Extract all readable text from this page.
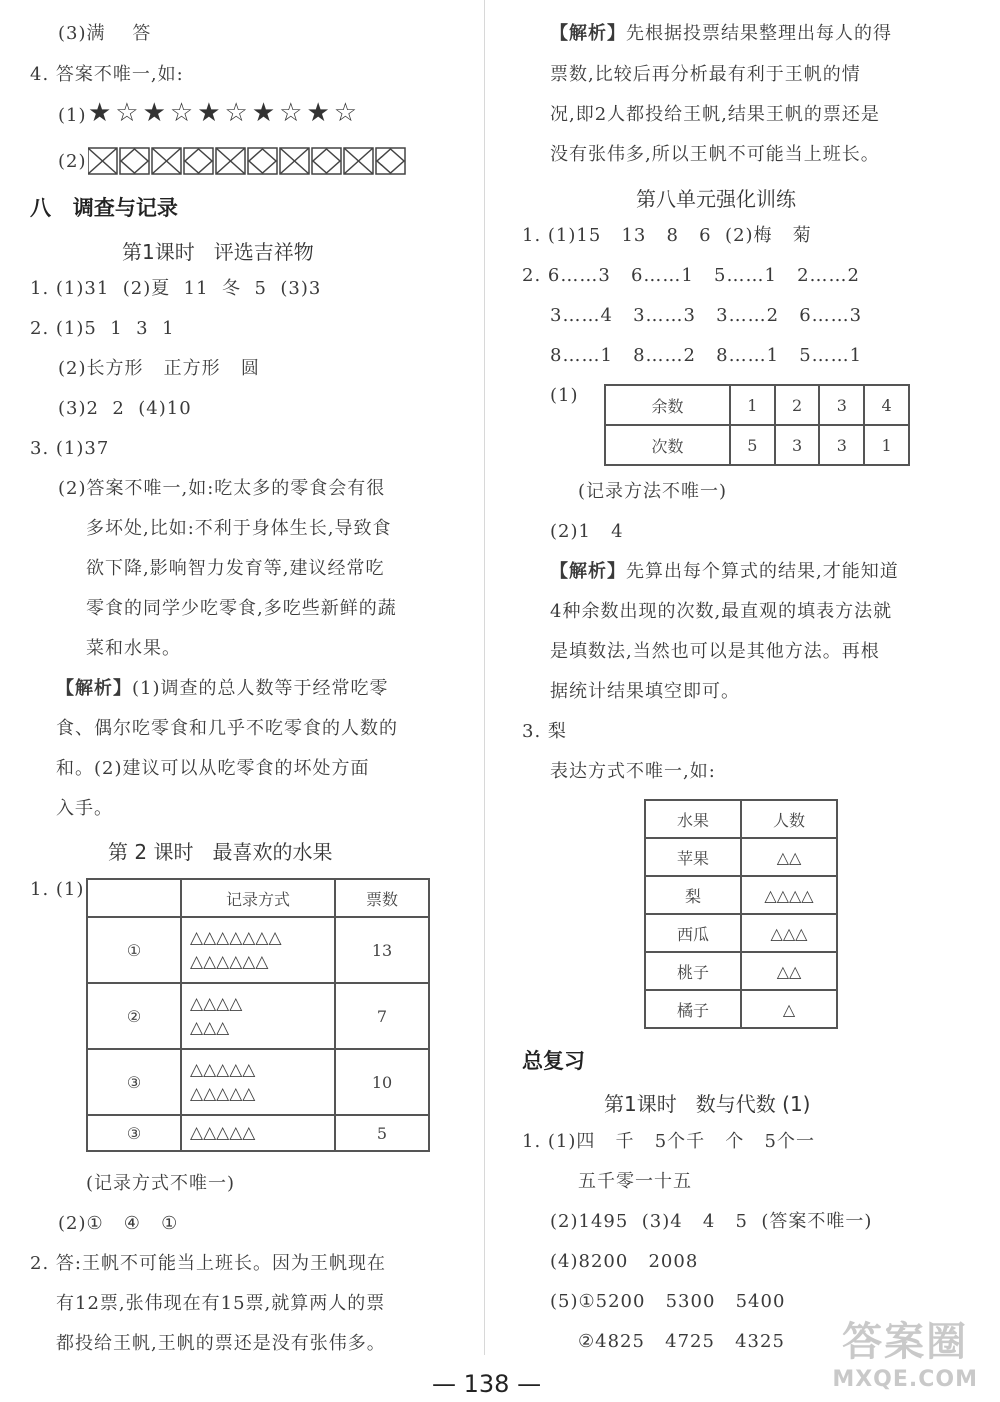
(3)满    答
4. 答案不唯一,如:
(1) ★☆★☆★☆★☆★☆
(2)
八   调查与记录
第1课时   评选吉祥物
1. (1)31  (2)夏  11  冬  5  (3)3
2. (1)5  1  3  1
(2)长方形   正方形   圆
(3)2  2  (4)10
3. (1)37
(2)答案不唯一,如:吃太多的零食会有很
多坏处,比如:不利于身体生长,导致食
欲下降,影响智力发育等,建议经常吃
零食的同学少吃零食,多吃些新鲜的蔬
菜和水果。
【解析】(1)调查的总人数等于经常吃零
食、偶尔吃零食和几乎不吃零食的人数的
和。(2)建议可以从吃零食的坏处方面
入手。
第 2 课时   最喜欢的水果
1. (1)
		记录方式	票数
①	△△△△△△△
△△△△△△	13
②	△△△△
△△△	7
③	△△△△△
△△△△△	10
③	△△△△△	5
(记录方式不唯一)
(2)①   ④   ①
2. 答:王帆不可能当上班长。因为王帆现在
有12票,张伟现在有15票,就算两人的票
都投给王帆,王帆的票还是没有张伟多。
【解析】先根据投票结果整理出每人的得
票数,比较后再分析最有利于王帆的情
况,即2人都投给王帆,结果王帆的票还是
没有张伟多,所以王帆不可能当上班长。
第八单元强化训练
1. (1)15   13   8   6  (2)梅   菊
2. 6……3   6……1   5……1   2……2
3……4   3……3   3……2   6……3
8……1   8……2   8……1   5……1
(1)	余数	1	2	3	4
次数	5	3	3	1
(记录方法不唯一)
(2)1   4
【解析】先算出每个算式的结果,才能知道
4种余数出现的次数,最直观的填表方法就
是填数法,当然也可以是其他方法。再根
据统计结果填空即可。
3. 梨
表达方式不唯一,如:
水果	人数
苹果	△△
梨	△△△△
西瓜	△△△
桃子	△△
橘子	△
总复习
第1课时   数与代数 (1)
1. (1)四   千   5个千   个   5个一
五千零一十五
(2)1495  (3)4   4   5  (答案不唯一)
(4)8200   2008
(5)①5200   5300   5400
②4825   4725   4325
— 138 —
答案圈
MXQE.COM
